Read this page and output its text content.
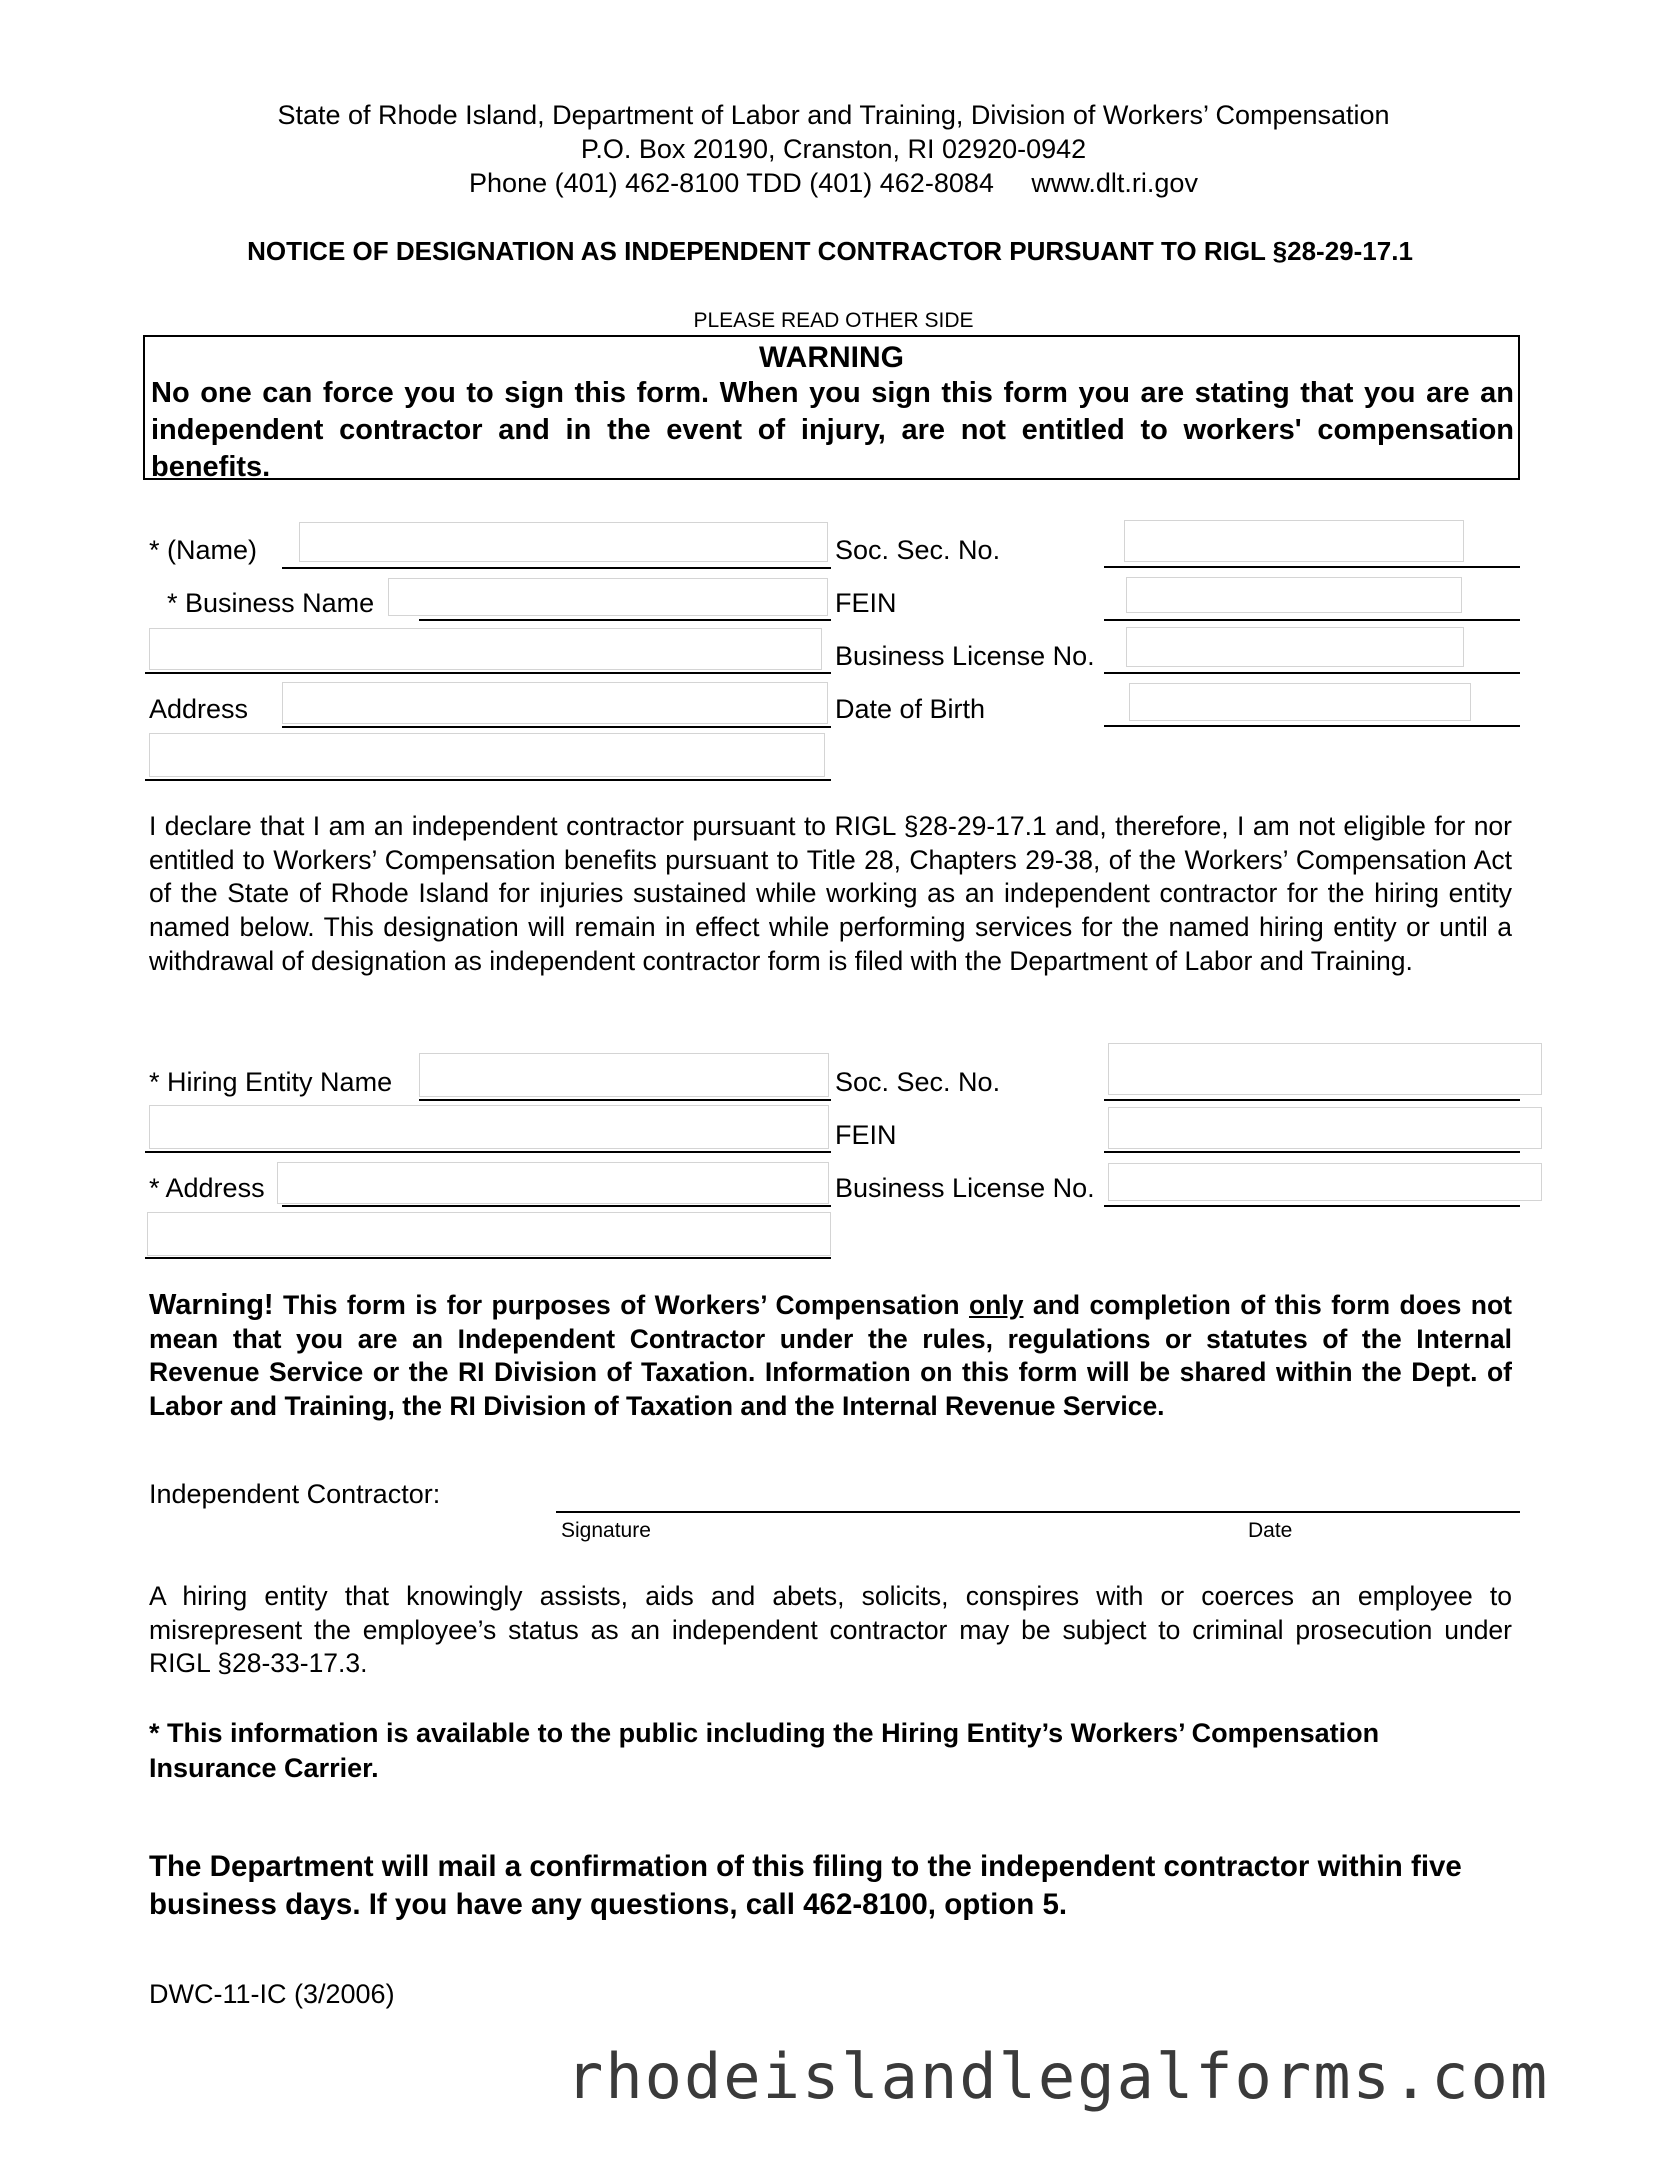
State of Rhode Island, Department of Labor and Training, Division of Workers’ Compensation
P.O. Box 20190, Cranston, RI 02920-0942
Phone (401) 462-8100 TDD (401) 462-8084     www.dlt.ri.gov
NOTICE OF DESIGNATION AS INDEPENDENT CONTRACTOR PURSUANT TO RIGL §28-29-17.1
PLEASE READ OTHER SIDE
WARNING
No one can force you to sign this form. When you sign this form you are stating that you are an independent contractor and in the event of injury, are not entitled to workers' compensation benefits.
* (Name)
* Business Name
Address
Soc. Sec. No.
FEIN
Business License No.
Date of Birth
I declare that I am an independent contractor pursuant to RIGL §28-29-17.1 and, therefore, I am not eligible for nor entitled to Workers’ Compensation benefits pursuant to Title 28, Chapters 29-38, of the Workers’ Compensation Act of the State of Rhode Island for injuries sustained while working as an independent contractor for the hiring entity named below. This designation will remain in effect while performing services for the named hiring entity or until a withdrawal of designation as independent contractor form is filed with the Department of Labor and Training.
* Hiring Entity Name
* Address
Soc. Sec. No.
FEIN
Business License No.
Warning! This form is for purposes of Workers’ Compensation only and completion of this form does not mean that you are an Independent Contractor under the rules, regulations or statutes of the Internal Revenue Service or the RI Division of Taxation. Information on this form will be shared within the Dept. of Labor and Training, the RI Division of Taxation and the Internal Revenue Service.
Independent Contractor:
Signature	Date
A hiring entity that knowingly assists, aids and abets, solicits, conspires with or coerces an employee to misrepresent the employee’s status as an independent contractor may be subject to criminal prosecution under RIGL §28-33-17.3.
* This information is available to the public including the Hiring Entity’s Workers’ Compensation Insurance Carrier.
The Department will mail a confirmation of this filing to the independent contractor within five business days. If you have any questions, call 462-8100, option 5.
DWC-11-IC (3/2006)
rhodeislandlegalforms.com
